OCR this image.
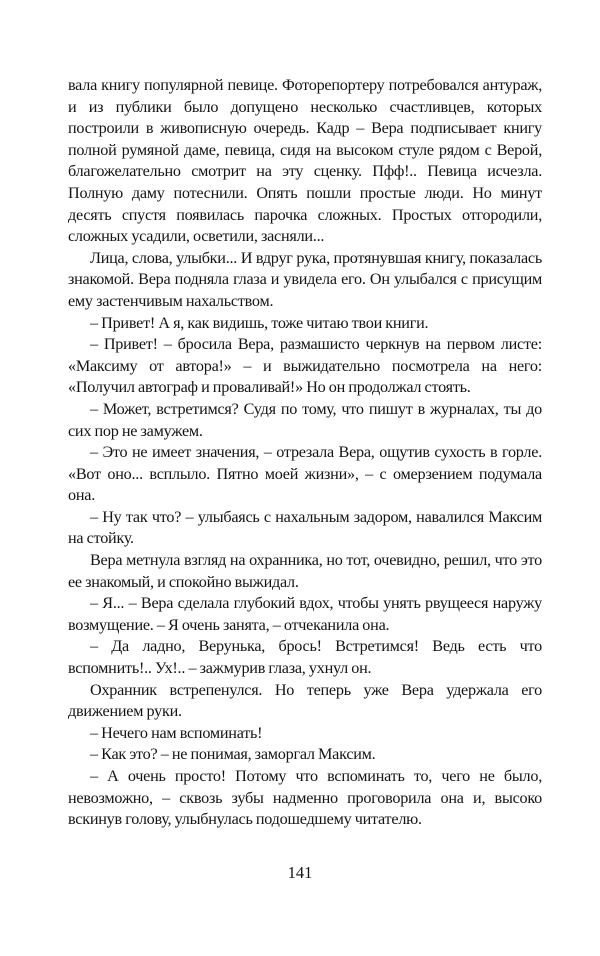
вала книгу популярной певице. Фоторепортеру потребовался антураж, и из публики было допущено несколько счастливцев, которых построили в живописную очередь. Кадр – Вера подписывает книгу полной румяной даме, певица, сидя на высоком стуле рядом с Верой, благожелательно смотрит на эту сценку. Пфф!.. Певица исчезла. Полную даму потеснили. Опять пошли простые люди. Но минут десять спустя появилась парочка сложных. Простых отгородили, сложных усадили, осветили, засняли...

Лица, слова, улыбки... И вдруг рука, протянувшая книгу, показалась знакомой. Вера подняла глаза и увидела его. Он улыбался с присущим ему застенчивым нахальством.

– Привет! А я, как видишь, тоже читаю твои книги.

– Привет! – бросила Вера, размашисто черкнув на первом листе: «Максиму от автора!» – и выжидательно посмотрела на него: «Получил автограф и проваливай!» Но он продолжал стоять.

– Может, встретимся? Судя по тому, что пишут в журналах, ты до сих пор не замужем.

– Это не имеет значения, – отрезала Вера, ощутив сухость в горле. «Вот оно... всплыло. Пятно моей жизни», – с омерзением подумала она.

– Ну так что? – улыбаясь с нахальным задором, навалился Максим на стойку.

Вера метнула взгляд на охранника, но тот, очевидно, решил, что это ее знакомый, и спокойно выжидал.

– Я... – Вера сделала глубокий вдох, чтобы унять рвущееся наружу возмущение. – Я очень занята, – отчеканила она.

– Да ладно, Верунька, брось! Встретимся! Ведь есть что вспомнить!.. Ух!.. – зажмурив глаза, ухнул он.

Охранник встрепенулся. Но теперь уже Вера удержала его движением руки.

– Нечего нам вспоминать!

– Как это? – не понимая, заморгал Максим.

– А очень просто! Потому что вспоминать то, чего не было, невозможно, – сквозь зубы надменно проговорила она и, высоко вскинув голову, улыбнулась подошедшему читателю.

141
